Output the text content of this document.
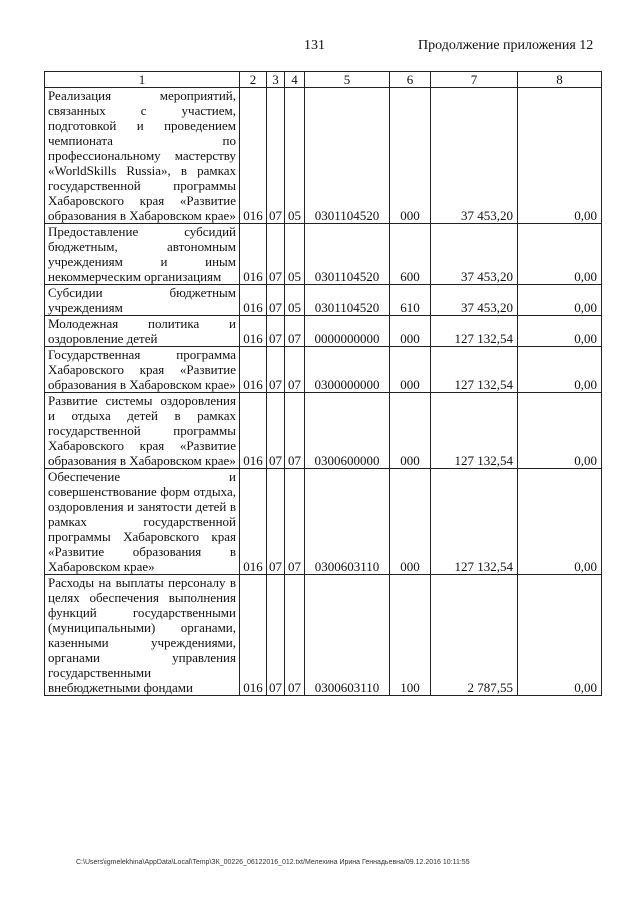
131	Продолжение приложения 12
1	2	3	4	5	6	7	8
Реализация мероприятий, связанных с участием, подготовкой и проведением чемпионата по профессиональному мастерству «WorldSkills Russia», в рамках государственной программы Хабаровского края «Развитие образования в Хабаровском крае»	016	07	05	0301104520	000	37 453,20	0,00
Предоставление субсидий бюджетным, автономным учреждениям и иным некоммерческим организациям	016	07	05	0301104520	600	37 453,20	0,00
Субсидии бюджетным учреждениям	016	07	05	0301104520	610	37 453,20	0,00
Молодежная политика и оздоровление детей	016	07	07	0000000000	000	127 132,54	0,00
Государственная программа Хабаровского края «Развитие образования в Хабаровском крае»	016	07	07	0300000000	000	127 132,54	0,00
Развитие системы оздоровления и отдыха детей в рамках государственной программы Хабаровского края «Развитие образования в Хабаровском крае»	016	07	07	0300600000	000	127 132,54	0,00
Обеспечение и совершенствование форм отдыха, оздоровления и занятости детей в рамках государственной программы Хабаровского края «Развитие образования в Хабаровском крае»	016	07	07	0300603110	000	127 132,54	0,00
Расходы на выплаты персоналу в целях обеспечения выполнения функций государственными (муниципальными) органами, казенными учреждениями, органами управления государственными внебюджетными фондами	016	07	07	0300603110	100	2 787,55	0,00
C:\Users\igmelekhina\AppData\Local\Temp\ЗК_00226_06122016_012.txt/Мелехина Ирина Геннадьевна/09.12.2016 10:11:55
